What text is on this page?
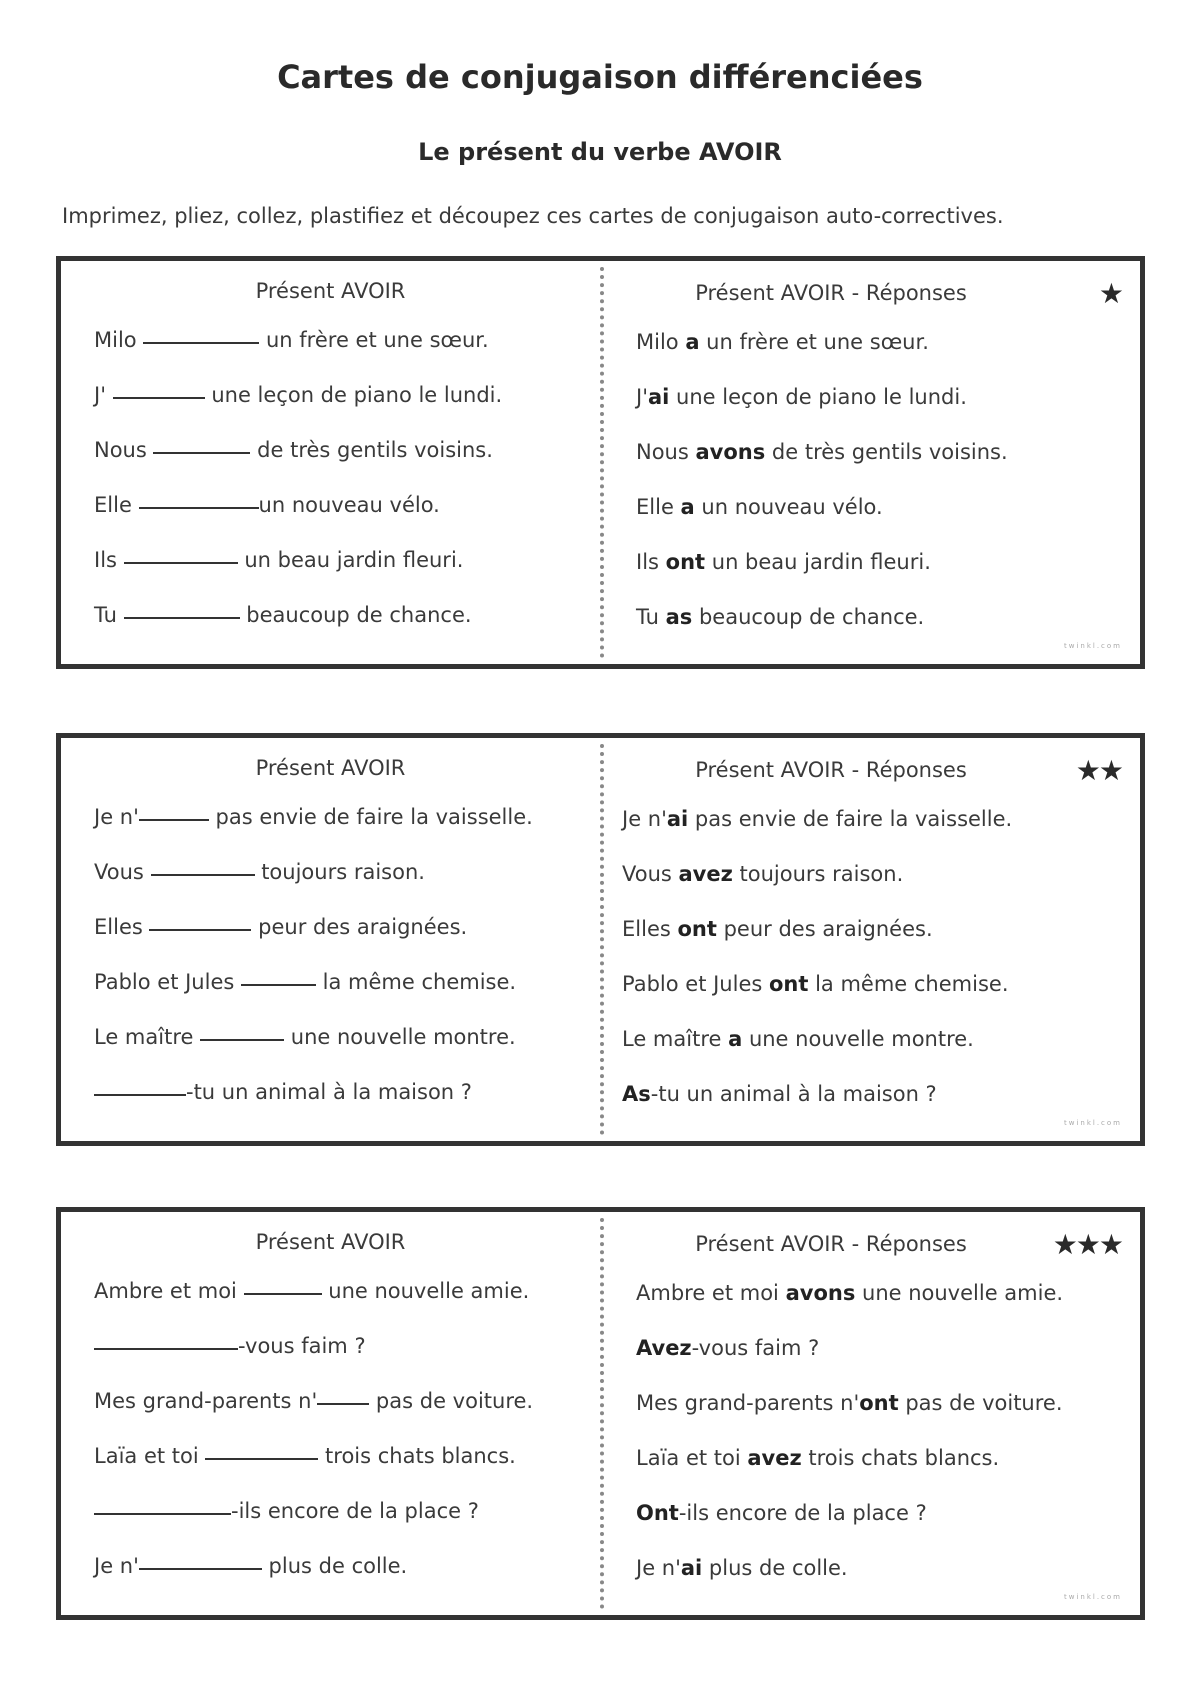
Cartes de conjugaison différenciées
Le présent du verbe AVOIR
Imprimez, pliez, collez, plastifiez et découpez ces cartes de conjugaison auto-correctives.
Présent AVOIR	Présent AVOIR - Réponses	★
Milo	un frère et une sœur.
J'	une leçon de piano le lundi.
Nous	de très gentils voisins.
Elle	un nouveau vélo.
Ils	un beau jardin fleuri.
Tu	beaucoup de chance.
Milo a un frère et une sœur.
J'ai une leçon de piano le lundi.
Nous avons de très gentils voisins.
Elle a un nouveau vélo.
Ils ont un beau jardin fleuri.
Tu as beaucoup de chance.
twinkl.com
Présent AVOIR	Présent AVOIR - Réponses	★★
Je n'	pas envie de faire la vaisselle.
Vous	toujours raison.
Elles	peur des araignées.
Pablo et Jules	la même chemise.
Le maître	une nouvelle montre.
-tu un animal à la maison ?
Je n'ai pas envie de faire la vaisselle.
Vous avez toujours raison.
Elles ont peur des araignées.
Pablo et Jules ont la même chemise.
Le maître a une nouvelle montre.
As-tu un animal à la maison ?
twinkl.com
Présent AVOIR	Présent AVOIR - Réponses	★★★
Ambre et moi	une nouvelle amie.
-vous faim ?
Mes grand-parents n' pas de voiture.
Laïa et toi	trois chats blancs.
-ils encore de la place ?
Je n'	plus de colle.
Ambre et moi avons une nouvelle amie.
Avez-vous faim ?
Mes grand-parents n'ont pas de voiture.
Laïa et toi avez trois chats blancs.
Ont-ils encore de la place ?
Je n'ai plus de colle.
twinkl.com
